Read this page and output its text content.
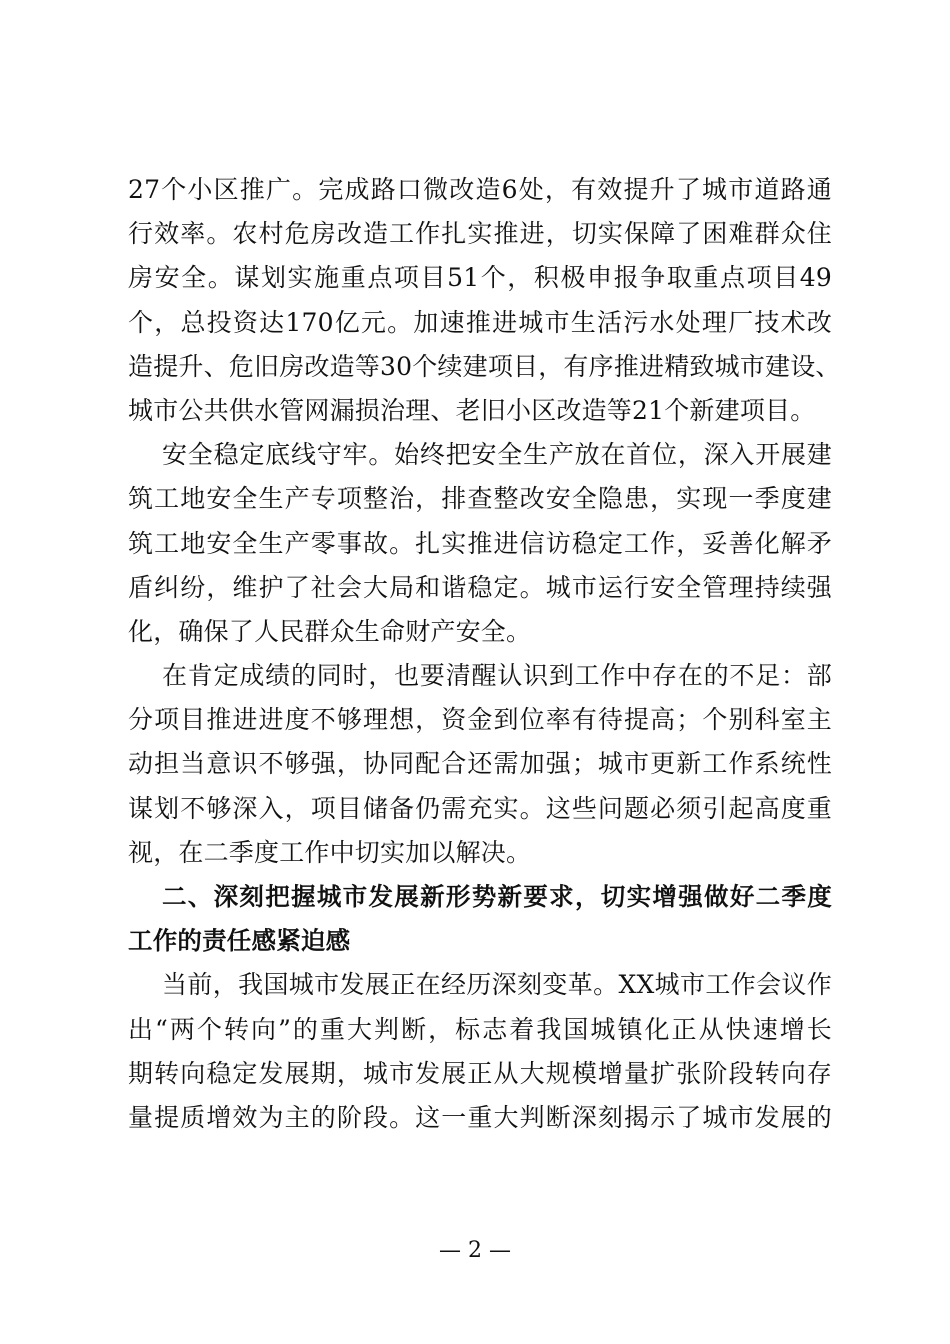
27个小区推广。完成路口微改造6处，有效提升了城市道路通
行效率。农村危房改造工作扎实推进，切实保障了困难群众住
房安全。谋划实施重点项目51个，积极申报争取重点项目49
个，总投资达170亿元。加速推进城市生活污水处理厂技术改
造提升、危旧房改造等30个续建项目，有序推进精致城市建设、
城市公共供水管网漏损治理、老旧小区改造等21个新建项目。
安全稳定底线守牢。始终把安全生产放在首位，深入开展建
筑工地安全生产专项整治，排查整改安全隐患，实现一季度建
筑工地安全生产零事故。扎实推进信访稳定工作，妥善化解矛
盾纠纷，维护了社会大局和谐稳定。城市运行安全管理持续强
化，确保了人民群众生命财产安全。
在肯定成绩的同时，也要清醒认识到工作中存在的不足：部
分项目推进进度不够理想，资金到位率有待提高；个别科室主
动担当意识不够强，协同配合还需加强；城市更新工作系统性
谋划不够深入，项目储备仍需充实。这些问题必须引起高度重
视，在二季度工作中切实加以解决。
二、深刻把握城市发展新形势新要求，切实增强做好二季度
工作的责任感紧迫感
当前，我国城市发展正在经历深刻变革。XX城市工作会议作
出“两个转向”的重大判断，标志着我国城镇化正从快速增长
期转向稳定发展期，城市发展正从大规模增量扩张阶段转向存
量提质增效为主的阶段。这一重大判断深刻揭示了城市发展的
— 2 —
